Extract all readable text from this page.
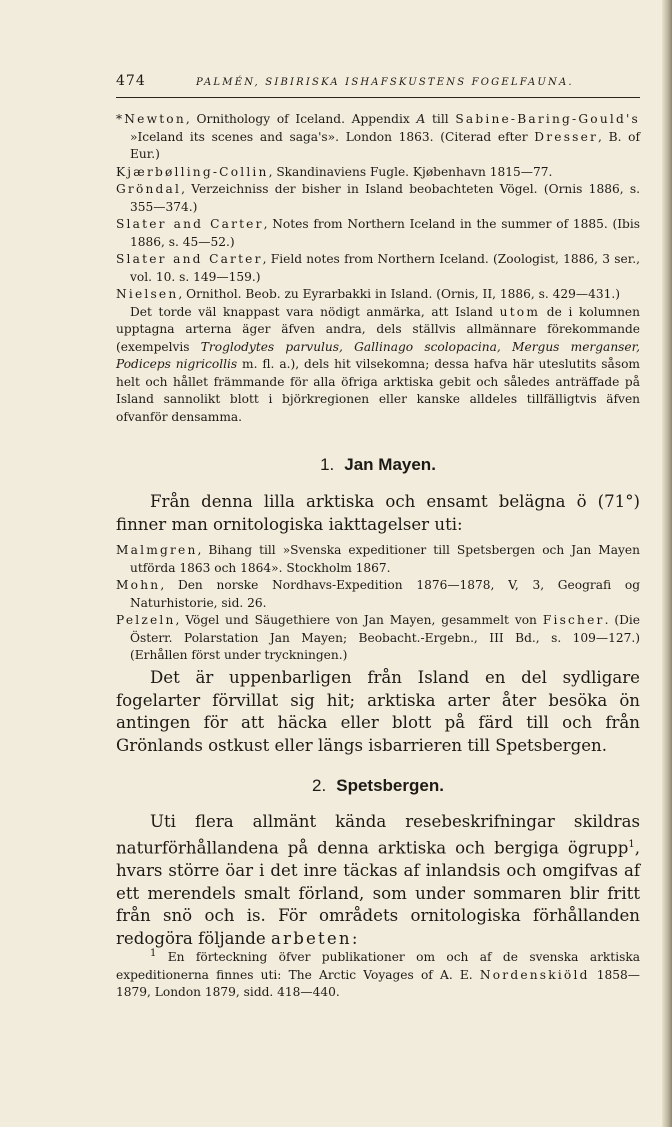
474	PALMÉN, SIBIRISKA ISHAFSKUSTENS FOGELFAUNA.
*Newton, Ornithology of Iceland. Appendix A till Sabine-Baring-Gould's »Iceland its scenes and saga's». London 1863. (Citerad efter Dresser, B. of Eur.)
Kjærbølling-Collin, Skandinaviens Fugle. Kjøbenhavn 1815—77.
Gröndal, Verzeichniss der bisher in Island beobachteten Vögel. (Ornis 1886, s. 355—374.)
Slater and Carter, Notes from Northern Iceland in the summer of 1885. (Ibis 1886, s. 45—52.)
Slater and Carter, Field notes from Northern Iceland. (Zoologist, 1886, 3 ser., vol. 10. s. 149—159.)
Nielsen, Ornithol. Beob. zu Eyrarbakki in Island. (Ornis, II, 1886, s. 429—431.)
Det torde väl knappast vara nödigt anmärka, att Island utom de i kolumnen upptagna arterna äger äfven andra, dels ställvis allmännare förekommande (exempelvis Troglodytes parvulus, Gallinago scolopacina, Mergus merganser, Podiceps nigricollis m. fl. a.), dels hit vilsekomna; dessa hafva här uteslutits såsom helt och hållet främmande för alla öfriga arktiska gebit och således anträffade på Island sannolikt blott i björkregionen eller kanske alldeles tillfälligtvis äfven ofvanför densamma.
1. Jan Mayen.
Från denna lilla arktiska och ensamt belägna ö (71°) finner man ornitologiska iakttagelser uti:
Malmgren, Bihang till »Svenska expeditioner till Spetsbergen och Jan Mayen utförda 1863 och 1864». Stockholm 1867.
Mohn, Den norske Nordhavs-Expedition 1876—1878, V, 3, Geografi og Naturhistorie, sid. 26.
Pelzeln, Vögel und Säugethiere von Jan Mayen, gesammelt von Fischer. (Die Österr. Polarstation Jan Mayen; Beobacht.-Ergebn., III Bd., s. 109—127.) (Erhållen först under tryckningen.)
Det är uppenbarligen från Island en del sydligare fogelarter förvillat sig hit; arktiska arter åter besöka ön antingen för att häcka eller blott på färd till och från Grönlands ostkust eller längs isbarrieren till Spetsbergen.
2. Spetsbergen.
Uti flera allmänt kända resebeskrifningar skildras naturförhållandena på denna arktiska och bergiga ögrupp$^1$, hvars större öar i det inre täckas af inlandsis och omgifvas af ett merendels smalt förland, som under sommaren blir fritt från snö och is. För områdets ornitologiska förhållanden redogöra följande arbeten:

$^1$ En förteckning öfver publikationer om och af de svenska arktiska expeditionerna finnes uti: The Arctic Voyages of A. E. Nordenskiöld 1858—1879, London 1879, sidd. 418—440.
